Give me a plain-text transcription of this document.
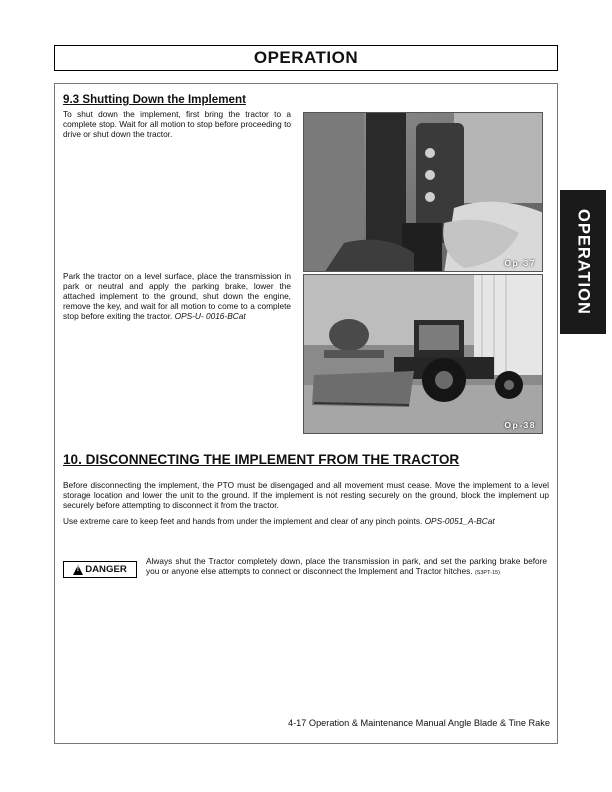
OPERATION
OPERATION
9.3 Shutting Down the Implement
To shut down the implement, first bring the tractor to a complete stop. Wait for all motion to stop before proceeding to drive or shut down the tractor.
Park the tractor on a level surface, place the transmission in park or neutral and apply the parking brake, lower the attached implement to the ground, shut down the engine, remove the key, and wait for all motion to come to a complete stop before exiting the tractor. OPS-U- 0016-BCat
Op-37
Op-38
10. DISCONNECTING THE IMPLEMENT FROM THE TRACTOR
Before disconnecting the implement, the PTO must be disengaged and all movement must cease. Move the implement to a level storage location and lower the unit to the ground. If the implement is not resting securely on the ground, block the implement up securely before attempting to disconnect it from the tractor.
Use extreme care to keep feet and hands from under the implement and clear of any pinch points. OPS-0051_A-BCat
!
DANGER
Always shut the Tractor completely down, place the transmission in park, and set the parking brake before you or anyone else attempts to connect or disconnect the Implement and Tractor hitches. (S3PT-15)
4-17 Operation & Maintenance Manual Angle Blade & Tine Rake
